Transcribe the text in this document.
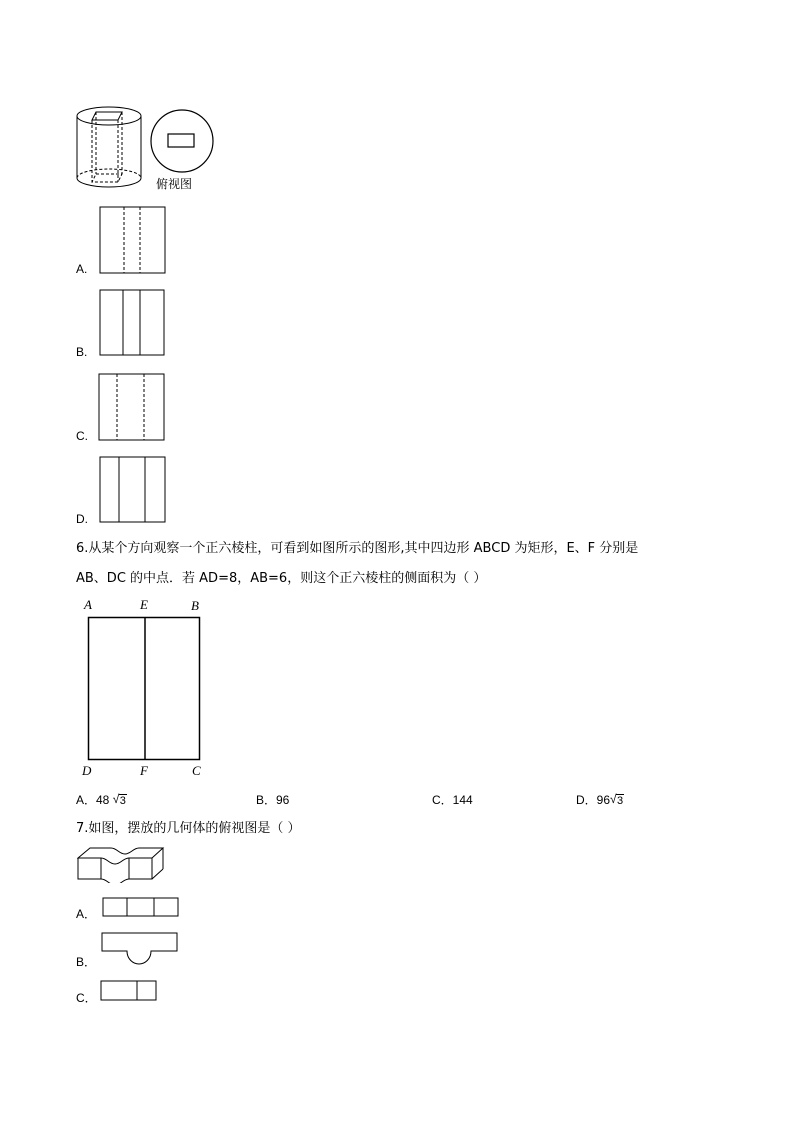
俯视图
A.
B.
C.
D.
6.从某个方向观察一个正六棱柱，可看到如图所示的图形,其中四边形 ABCD 为矩形，E、F 分别是
AB、DC 的中点．若 AD=8，AB=6，则这个正六棱柱的侧面积为（ ）
A	E	B
D	F	C
A．48 √ 3	B．96	C．144	D．96 √ 3
7.如图，摆放的几何体的俯视图是（ ）
A．
B．
C．
